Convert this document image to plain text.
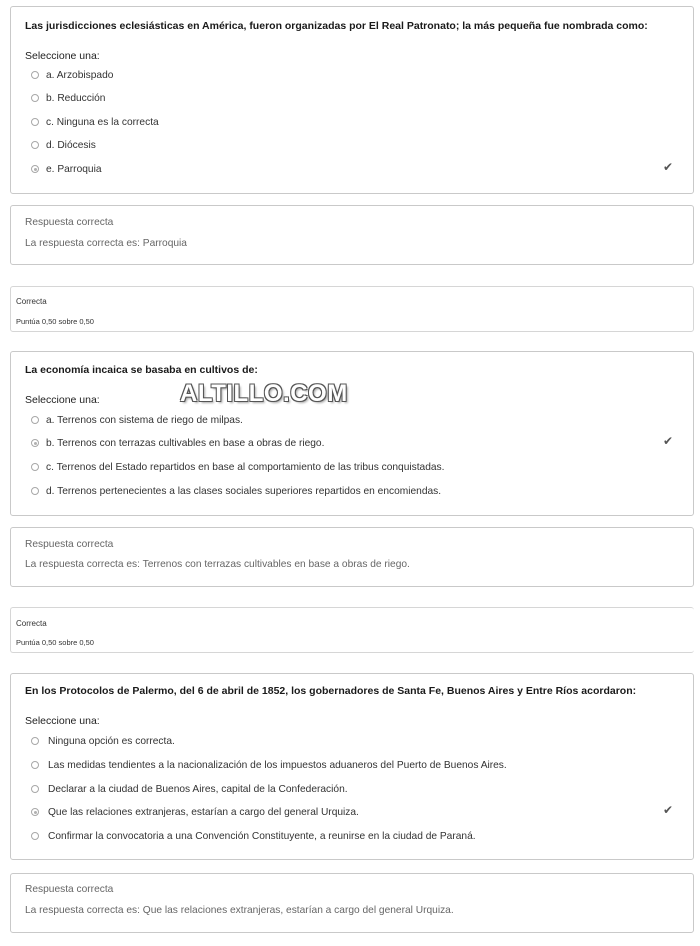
Las jurisdicciones eclesiásticas en América, fueron organizadas por El Real Patronato; la más pequeña fue nombrada como:
Seleccione una:
a. Arzobispado
b. Reducción
c. Ninguna es la correcta
d. Diócesis
e. Parroquia	✔
Respuesta correcta
La respuesta correcta es: Parroquia
Correcta
Puntúa 0,50 sobre 0,50
La economía incaica se basaba en cultivos de:
Seleccione una:
a. Terrenos con sistema de riego de milpas.
b. Terrenos con terrazas cultivables en base a obras de riego.
c. Terrenos del Estado repartidos en base al comportamiento de las tribus conquistadas.
d. Terrenos pertenecientes a las clases sociales superiores repartidos en encomiendas.
✔
Respuesta correcta
La respuesta correcta es: Terrenos con terrazas cultivables en base a obras de riego.
Correcta
Puntúa 0,50 sobre 0,50
En los Protocolos de Palermo, del 6 de abril de 1852, los gobernadores de Santa Fe, Buenos Aires y Entre Ríos acordaron:
Seleccione una:
Ninguna opción es correcta.
Las medidas tendientes a la nacionalización de los impuestos aduaneros del Puerto de Buenos Aires.
Declarar a la ciudad de Buenos Aires, capital de la Confederación.
Que las relaciones extranjeras, estarían a cargo del general Urquiza.
Confirmar la convocatoria a una Convención Constituyente, a reunirse en la ciudad de Paraná.
✔
Respuesta correcta
La respuesta correcta es: Que las relaciones extranjeras, estarían a cargo del general Urquiza.
ALTILLO.COM
